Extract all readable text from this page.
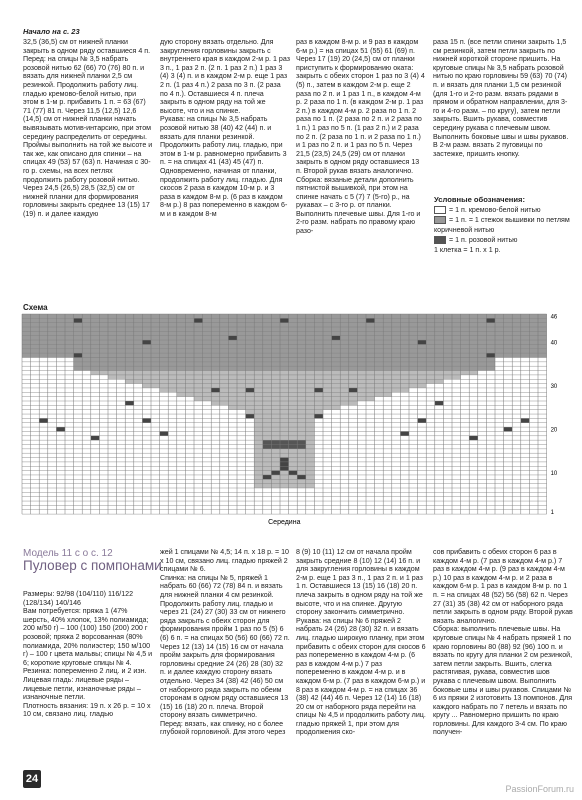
Начало на с. 23
32,5 (36,5) см от нижней планки закрыть в одном ряду оставшиеся 4 п.
Перед: на спицы № 3,5 набрать розовой нитью 62 (66) 70 (76) 80 п. и вязать для нижней планки 2,5 см резинкой. Продолжить работу лиц. гладью кремово-белой нитью, при этом в 1-м р. прибавить 1 п. = 63 (67) 71 (77) 81 п. Через 11,5 (12,5) 12,6 (14,5) см от нижней планки начать вывязывать мотив-интарсию, при этом середину распределить от середины. Проймы выполнить на той же высоте и так же, как описано для спинки – на спицах 49 (53) 57 (63) п. Начиная с 30-го р. схемы, на всех петлях продолжить работу розовой нитью. Через 24,5 (26,5) 28,5 (32,5) см от нижней планки для формирования горловины закрыть среднее 13 (15) 17 (19) п. и далее каждую
дую сторону вязать отдельно. Для закругления горловины закрыть с внутреннего края в каждом 2-м р. 1 раз 3 п., 1 раз 2 п. (2 п. 1 раз 2 п.) 1 раз 3 (4) 3 (4) п. и в каждом 2-м р. еще 1 раз 2 п. (1 раз 4 п.) 2 раза по 3 п. (2 раза по 4 п.). Оставшиеся 4 п. плеча закрыть в одном ряду на той же высоте, что и на спинке.
Рукава: на спицы № 3,5 набрать розовой нитью 38 (40) 42 (44) п. и вязать для планки резинкой. Продолжить работу лиц. гладью, при этом в 1-м р. равномерно прибавить 3 п. = на спицах 41 (43) 45 (47) п. Одновременно, начиная от планки, продолжить работу лиц. гладью. Для скосов 2 раза в каждом 10-м р. и 3 раза в каждом 8-м р. (6 раз в каждом 8-м р.) 8 раз попеременно в каждом 6-м и в каждом 8-м
раз в каждом 8-м р. и 9 раз в каждом 6-м р.) = на спицах 51 (55) 61 (69) п. Через 17 (19) 20 (24,5) см от планки приступить к формированию оката: закрыть с обеих сторон 1 раз по 3 (4) 4 (5) п., затем в каждом 2-м р. еще 2 раза по 2 п. и 1 раз 1 п., в каждом 4-м р. 2 раза по 1 п. (в каждом 2-м р. 1 раз 2 п.) в каждом 4-м р. 2 раза по 1 п. 2 раза по 1 п. (2 раза по 2 п. и 2 раза по 1 п.) 1 раз по 5 п. (1 раз 2 п.) и 2 раза по 2 п. (2 раза по 1 п. и 2 раза по 1 п.) и 1 раз по 2 п. и 1 раз по 5 п. Через 21,5 (23,5) 24,5 (29) см от планки закрыть в одном ряду оставшиеся 13 п. Второй рукав вязать аналогично.
Сборка: вязаные детали дополнить пятнистой вышивкой, при этом на спинке начать с 5 (7) 7 (5-го) р., на рукавах – с 3-го р. от планки. Выполнить плечевые швы. Для 1-го и 2-го разм. набрать по правому краю разо-
раза 15 п. (все петли спинки закрыть 1,5 см резинкой, затем петли закрыть по нижней короткой стороне пришить. На круговые спицы № 3,5 набрать розовой нитью по краю горловины 59 (63) 70 (74) п. и вязать для планки 1,5 см резинкой (для 1-го и 2-го разм. вязать рядами в прямом и обратном направлении, для 3-го и 4-го разм. – по кругу), затем петли закрыть. Вшить рукава, совместив середину рукава с плечевым швом. Выполнить боковые швы и швы рукавов. В 2-м разм. вязать 2 пуговицы по застежке, пришить кнопку.
Условные обозначения:
= 1 п. кремово-белой нитью
= 1 п. = 1 стежок вышивки по петлям коричневой нитью
= 1 п. розовой нитью
1 клетка = 1 п. x 1 р.
Схема
46
40
30
20
10
1
Середина
Модель 11 с о с. 12
Пуловер с помпонами
Размеры: 92/98 (104/110) 116/122 (128/134) 140/146
Вам потребуется: пряжа 1 (47% шерсть, 40% хлопок, 13% полиамида; 200 м/50 г) – 100 (100) 150 (200) 200 г розовой; пряжа 2 ворсованная (80% полиамида, 20% полиэстер; 150 м/100 г) – 100 г цвета мальвы; спицы № 4,5 и 6; короткие круговые спицы № 4.
Резинка: попеременно 2 лиц. и 2 изн.
Лицевая гладь: лицевые ряды – лицевые петли, изнаночные ряды – изнаночные петли.
Плотность вязания: 19 п. x 26 р. = 10 x 10 см, связано лиц. гладью
жей 1 спицами № 4,5; 14 п. x 18 р. = 10 x 10 см, связано лиц. гладью пряжей 2 спицами № 6.
Спинка: на спицы № 5, пряжей 1 набрать 60 (66) 72 (78) 84 п. и вязать для нижней планки 4 см резинкой. Продолжить работу лиц. гладью и через 21 (24) 27 (30) 33 см от нижнего ряда закрыть с обеих сторон для формирования пройм 1 раз по 5 (5) 6 (6) 6 п. = на спицах 50 (56) 60 (66) 72 п. Через 12 (13) 14 (15) 16 см от начала пройм закрыть для формирования горловины средние 24 (26) 28 (30) 32 п. и далее каждую сторону вязать отдельно. Через 34 (38) 42 (46) 50 см от наборного ряда закрыть по обеим сторонам в одном ряду оставшиеся 13 (15) 16 (18) 20 п. плеча. Второй сторону вязать симметрично.
Перед: вязать, как спинку, но с более глубокой горловиной. Для этого через
8 (9) 10 (11) 12 см от начала пройм закрыть средние 8 (10) 12 (14) 16 п. и для закругления горловины в каждом 2-м р. еще 1 раз 3 п., 1 раз 2 п. и 1 раз 1 п. Оставшиеся 13 (15) 16 (18) 20 п. плеча закрыть в одном ряду на той же высоте, что и на спинке. Другую сторону закончить симметрично.
Рукава: на спицы № 6 пряжей 2 набрать 24 (26) 28 (30) 32 п. и вязать лиц. гладью широкую планку, при этом прибавить с обеих сторон для скосов 6 раз попеременно в каждом 4-м р. (6 раз в каждом 4-м р.) 7 раз попеременно в каждом 4-м р. и в каждом 6-м р. (7 раз в каждом 6-м р.) и 8 раз в каждом 4-м р. = на спицах 36 (38) 42 (44) 46 п. Через 12 (14) 16 (18) 20 см от наборного ряда перейти на спицы № 4,5 и продолжить работу лиц. гладью пряжей 1, при этом для продолжения ско-
сов прибавить с обеих сторон 6 раз в каждом 4-м р. (7 раз в каждом 4-м р.) 7 раз в каждом 4-м р. (9 раз в каждом 4-м р.) 10 раз в каждом 4-м р. и 2 раза в каждом 6-м р. 1 раз в каждом 8-м р. по 1 п. = на спицах 48 (52) 56 (58) 62 п. Через 27 (31) 35 (38) 42 см от наборного ряда петли закрыть в одном ряду. Второй рукав вязать аналогично.
Сборка: выполнить плечевые швы. На круговые спицы № 4 набрать пряжей 1 по краю горловины 80 (88) 92 (96) 100 п. и вязать по кругу для планки 2 см резинкой, затем петли закрыть. Вшить, слегка растягивая, рукава, совместив шов рукава с плечевым швом. Выполнить боковые швы и швы рукавов. Спицами № 6 из пряжи 2 изготовить 13 помпонов. Для каждого набрать по 7 петель и вязать по кругу ... Равномерно пришить по краю горловины. Для каждого 3-4 см. По краю получен-
24
PassionForum.ru
